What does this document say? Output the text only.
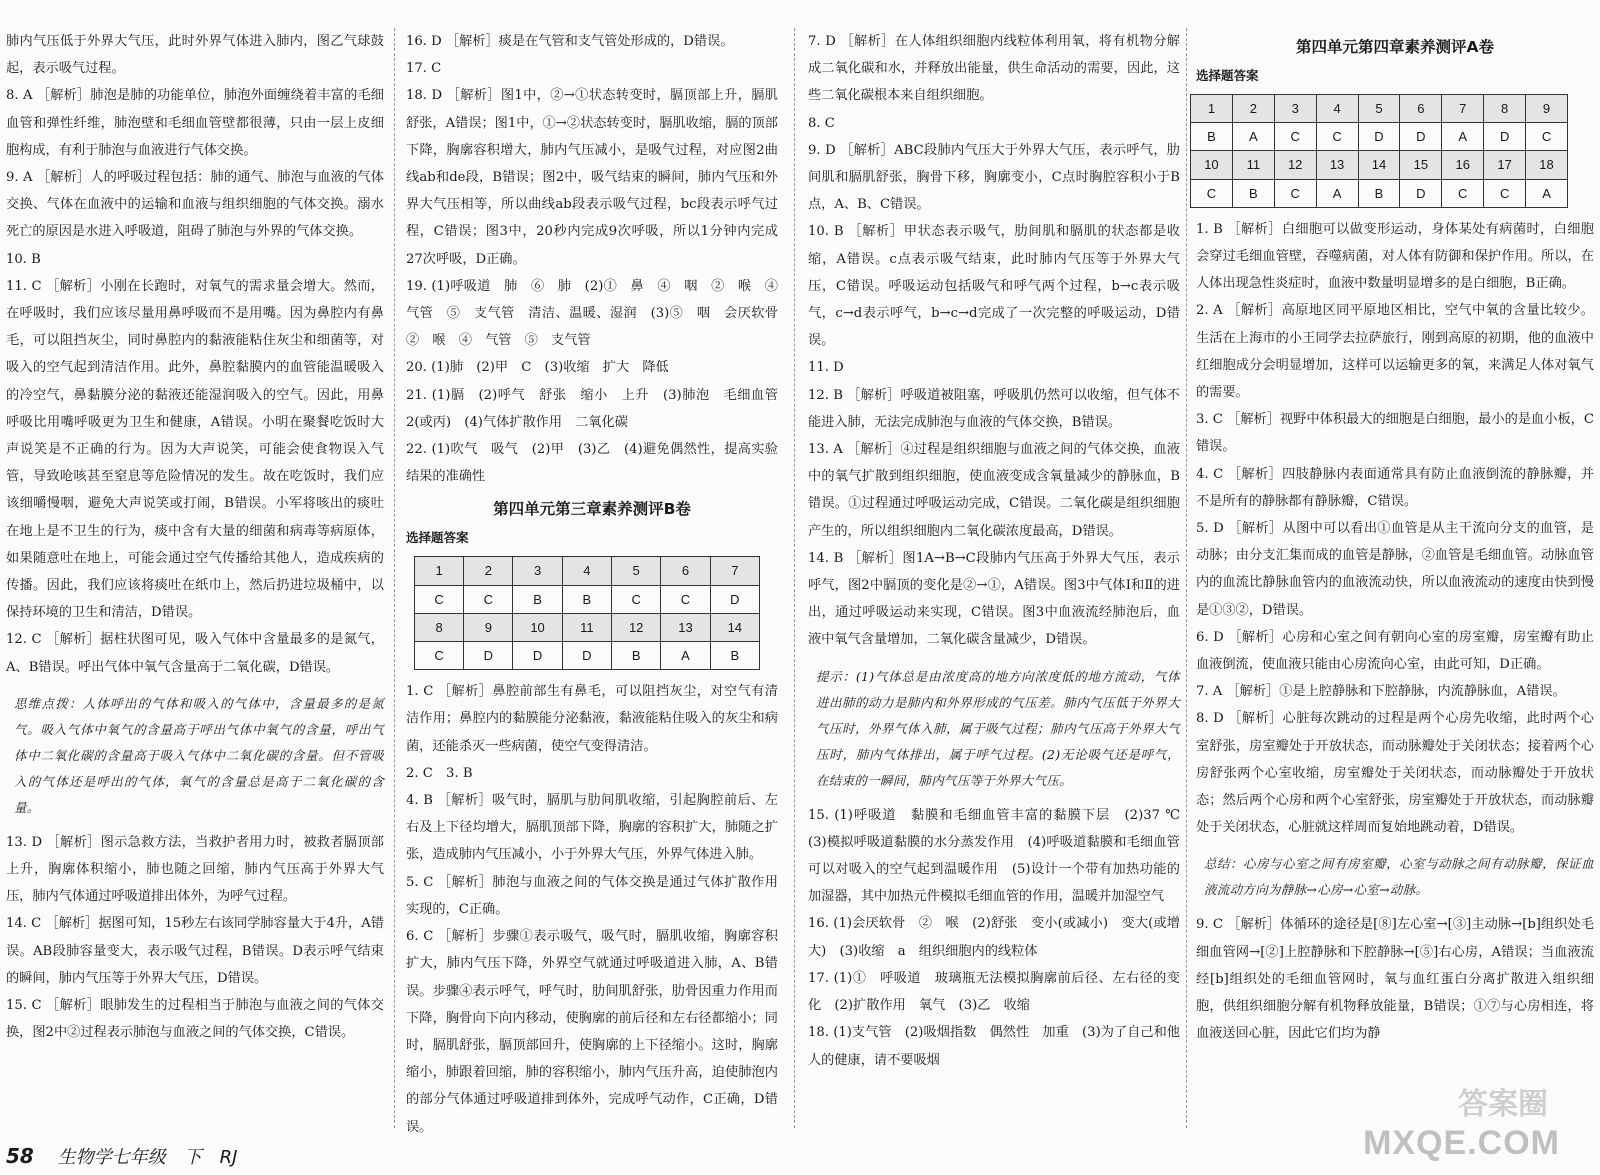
肺内气压低于外界大气压，此时外界气体进入肺内，图乙气球鼓起，表示吸气过程。

8. A ［解析］肺泡是肺的功能单位，肺泡外面缠绕着丰富的毛细血管和弹性纤维，肺泡壁和毛细血管壁都很薄，只由一层上皮细胞构成，有利于肺泡与血液进行气体交换。

9. A ［解析］人的呼吸过程包括：肺的通气、肺泡与血液的气体交换、气体在血液中的运输和血液与组织细胞的气体交换。溺水死亡的原因是水进入呼吸道，阻碍了肺泡与外界的气体交换。

10. B

11. C ［解析］小刚在长跑时，对氧气的需求量会增大。然而，在呼吸时，我们应该尽量用鼻呼吸而不是用嘴。因为鼻腔内有鼻毛，可以阻挡灰尘，同时鼻腔内的黏液能粘住灰尘和细菌等，对吸入的空气起到清洁作用。此外，鼻腔黏膜内的血管能温暖吸入的冷空气，鼻黏膜分泌的黏液还能湿润吸入的空气。因此，用鼻呼吸比用嘴呼吸更为卫生和健康，A错误。小明在聚餐吃饭时大声说笑是不正确的行为。因为大声说笑，可能会使食物误入气管，导致呛咳甚至窒息等危险情况的发生。故在吃饭时，我们应该细嚼慢咽，避免大声说笑或打闹，B错误。小军将咳出的痰吐在地上是不卫生的行为，痰中含有大量的细菌和病毒等病原体，如果随意吐在地上，可能会通过空气传播给其他人，造成疾病的传播。因此，我们应该将痰吐在纸巾上，然后扔进垃圾桶中，以保持环境的卫生和清洁，D错误。

12. C ［解析］据柱状图可见，吸入气体中含量最多的是氮气，A、B错误。呼出气体中氧气含量高于二氧化碳，D错误。

思维点拨：人体呼出的气体和吸入的气体中，含量最多的是氮气。吸入气体中氧气的含量高于呼出气体中氧气的含量，呼出气体中二氧化碳的含量高于吸入气体中二氧化碳的含量。但不管吸入的气体还是呼出的气体，氧气的含量总是高于二氧化碳的含量。

13. D ［解析］图示急救方法，当救护者用力时，被救者膈顶部上升，胸廓体积缩小，肺也随之回缩，肺内气压高于外界大气压，肺内气体通过呼吸道排出体外，为呼气过程。

14. C ［解析］据图可知，15秒左右该同学肺容量大于4升，A错误。AB段肺容量变大，表示吸气过程，B错误。D表示呼气结束的瞬间，肺内气压等于外界大气压，D错误。

15. C ［解析］眼肺发生的过程相当于肺泡与血液之间的气体交换，图2中②过程表示肺泡与血液之间的气体交换，C错误。

16. D ［解析］痰是在气管和支气管处形成的，D错误。

17. C

18. D ［解析］图1中，②→①状态转变时，膈顶部上升，膈肌舒张，A错误；图1中，①→②状态转变时，膈肌收缩，膈的顶部下降，胸廓容积增大，肺内气压减小，是吸气过程，对应图2曲线ab和de段，B错误；图2中，吸气结束的瞬间，肺内气压和外界大气压相等，所以曲线ab段表示吸气过程，bc段表示呼气过程，C错误；图3中，20秒内完成9次呼吸，所以1分钟内完成27次呼吸，D正确。

19. (1)呼吸道　肺　⑥　肺　(2)①　鼻　④　咽　②　喉　④　气管　⑤　支气管　清洁、温暖、湿润　(3)⑤　咽　会厌软骨　②　喉　④　气管　⑤　支气管

20. (1)肺　(2)甲　C　(3)收缩　扩大　降低

21. (1)膈　(2)呼气　舒张　缩小　上升　(3)肺泡　毛细血管　2(或丙)　(4)气体扩散作用　二氧化碳

22. (1)吹气　吸气　(2)甲　(3)乙　(4)避免偶然性，提高实验结果的准确性

第四单元第三章素养测评B卷

选择题答案

1	2	3	4	5	6	7
C	C	B	B	C	C	D
8	9	10	11	12	13	14
C	D	D	D	B	A	B

1. C ［解析］鼻腔前部生有鼻毛，可以阻挡灰尘，对空气有清洁作用；鼻腔内的黏膜能分泌黏液，黏液能粘住吸入的灰尘和病菌，还能杀灭一些病菌，使空气变得清洁。

2. C　3. B

4. B ［解析］吸气时，膈肌与肋间肌收缩，引起胸腔前后、左右及上下径均增大，膈肌顶部下降，胸廓的容积扩大，肺随之扩张，造成肺内气压减小，小于外界大气压，外界气体进入肺。

5. C ［解析］肺泡与血液之间的气体交换是通过气体扩散作用实现的，C正确。

6. C ［解析］步骤①表示吸气，吸气时，膈肌收缩，胸廓容积扩大，肺内气压下降，外界空气就通过呼吸道进入肺，A、B错误。步骤④表示呼气，呼气时，肋间肌舒张，肋骨因重力作用而下降，胸骨向下向内移动，使胸廓的前后径和左右径都缩小；同时，膈肌舒张，膈顶部回升，使胸廓的上下径缩小。这时，胸廓缩小，肺跟着回缩，肺的容积缩小，肺内气压升高，迫使肺泡内的部分气体通过呼吸道排到体外，完成呼气动作，C正确，D错误。

7. D ［解析］在人体组织细胞内线粒体利用氧，将有机物分解成二氧化碳和水，并释放出能量，供生命活动的需要，因此，这些二氧化碳根本来自组织细胞。

8. C

9. D ［解析］ABC段肺内气压大于外界大气压，表示呼气，肋间肌和膈肌舒张，胸骨下移，胸廓变小，C点时胸腔容积小于B点，A、B、C错误。

10. B ［解析］甲状态表示吸气，肋间肌和膈肌的状态都是收缩，A错误。c点表示吸气结束，此时肺内气压等于外界大气压，C错误。呼吸运动包括吸气和呼气两个过程，b→c表示吸气，c→d表示呼气，b→c→d完成了一次完整的呼吸运动，D错误。

11. D

12. B ［解析］呼吸道被阻塞，呼吸肌仍然可以收缩，但气体不能进入肺，无法完成肺泡与血液的气体交换，B错误。

13. A ［解析］④过程是组织细胞与血液之间的气体交换，血液中的氧气扩散到组织细胞，使血液变成含氧量减少的静脉血，B错误。①过程通过呼吸运动完成，C错误。二氧化碳是组织细胞产生的，所以组织细胞内二氧化碳浓度最高，D错误。

14. B ［解析］图1A→B→C段肺内气压高于外界大气压，表示呼气，图2中膈顶的变化是②→①，A错误。图3中气体Ⅰ和Ⅱ的进出，通过呼吸运动来实现，C错误。图3中血液流经肺泡后，血液中氧气含量增加，二氧化碳含量减少，D错误。

提示：(1)气体总是由浓度高的地方向浓度低的地方流动，气体进出肺的动力是肺内和外界形成的气压差。肺内气压低于外界大气压时，外界气体入肺，属于吸气过程；肺内气压高于外界大气压时，肺内气体排出，属于呼气过程。(2)无论吸气还是呼气，在结束的一瞬间，肺内气压等于外界大气压。

15. (1)呼吸道　黏膜和毛细血管丰富的黏膜下层　(2)37 ℃　(3)模拟呼吸道黏膜的水分蒸发作用　(4)呼吸道黏膜和毛细血管可以对吸入的空气起到温暖作用　(5)设计一个带有加热功能的加湿器，其中加热元件模拟毛细血管的作用，温暖并加湿空气

16. (1)会厌软骨　②　喉　(2)舒张　变小(或减小)　变大(或增大)　(3)收缩　a　组织细胞内的线粒体

17. (1)①　呼吸道　玻璃瓶无法模拟胸廓前后径、左右径的变化　(2)扩散作用　氧气　(3)乙　收缩

18. (1)支气管　(2)吸烟指数　偶然性　加重　(3)为了自己和他人的健康，请不要吸烟

第四单元第四章素养测评A卷

选择题答案

1	2	3	4	5	6	7	8	9
B	A	C	C	D	D	A	D	C
10	11	12	13	14	15	16	17	18
C	B	C	A	B	D	C	C	A

1. B ［解析］白细胞可以做变形运动，身体某处有病菌时，白细胞会穿过毛细血管壁，吞噬病菌，对人体有防御和保护作用。所以，在人体出现急性炎症时，血液中数量明显增多的是白细胞，B正确。

2. A ［解析］高原地区同平原地区相比，空气中氧的含量比较少。生活在上海市的小王同学去拉萨旅行，刚到高原的初期，他的血液中红细胞成分会明显增加，这样可以运输更多的氧，来满足人体对氧气的需要。

3. C ［解析］视野中体积最大的细胞是白细胞，最小的是血小板，C错误。

4. C ［解析］四肢静脉内表面通常具有防止血液倒流的静脉瓣，并不是所有的静脉都有静脉瓣，C错误。

5. D ［解析］从图中可以看出①血管是从主干流向分支的血管，是动脉；由分支汇集而成的血管是静脉，②血管是毛细血管。动脉血管内的血流比静脉血管内的血液流动快，所以血液流动的速度由快到慢是①③②，D错误。

6. D ［解析］心房和心室之间有朝向心室的房室瓣，房室瓣有助止血液倒流，使血液只能由心房流向心室，由此可知，D正确。

7. A ［解析］①是上腔静脉和下腔静脉，内流静脉血，A错误。

8. D ［解析］心脏每次跳动的过程是两个心房先收缩，此时两个心室舒张，房室瓣处于开放状态，而动脉瓣处于关闭状态；接着两个心房舒张两个心室收缩，房室瓣处于关闭状态，而动脉瓣处于开放状态；然后两个心房和两个心室舒张，房室瓣处于开放状态，而动脉瓣处于关闭状态，心脏就这样周而复始地跳动着，D错误。

总结：心房与心室之间有房室瓣，心室与动脉之间有动脉瓣，保证血液流动方向为静脉→心房→心室→动脉。

9. C ［解析］体循环的途径是[⑧]左心室→[③]主动脉→[b]组织处毛细血管网→[②]上腔静脉和下腔静脉→[⑤]右心房，A错误；当血液流经[b]组织处的毛细血管网时，氧与血红蛋白分离扩散进入组织细胞，供组织细胞分解有机物释放能量，B错误；①⑦与心房相连，将血液送回心脏，因此它们均为静

58 生物学七年级　下　RJ
答案圈
MXQE.COM
